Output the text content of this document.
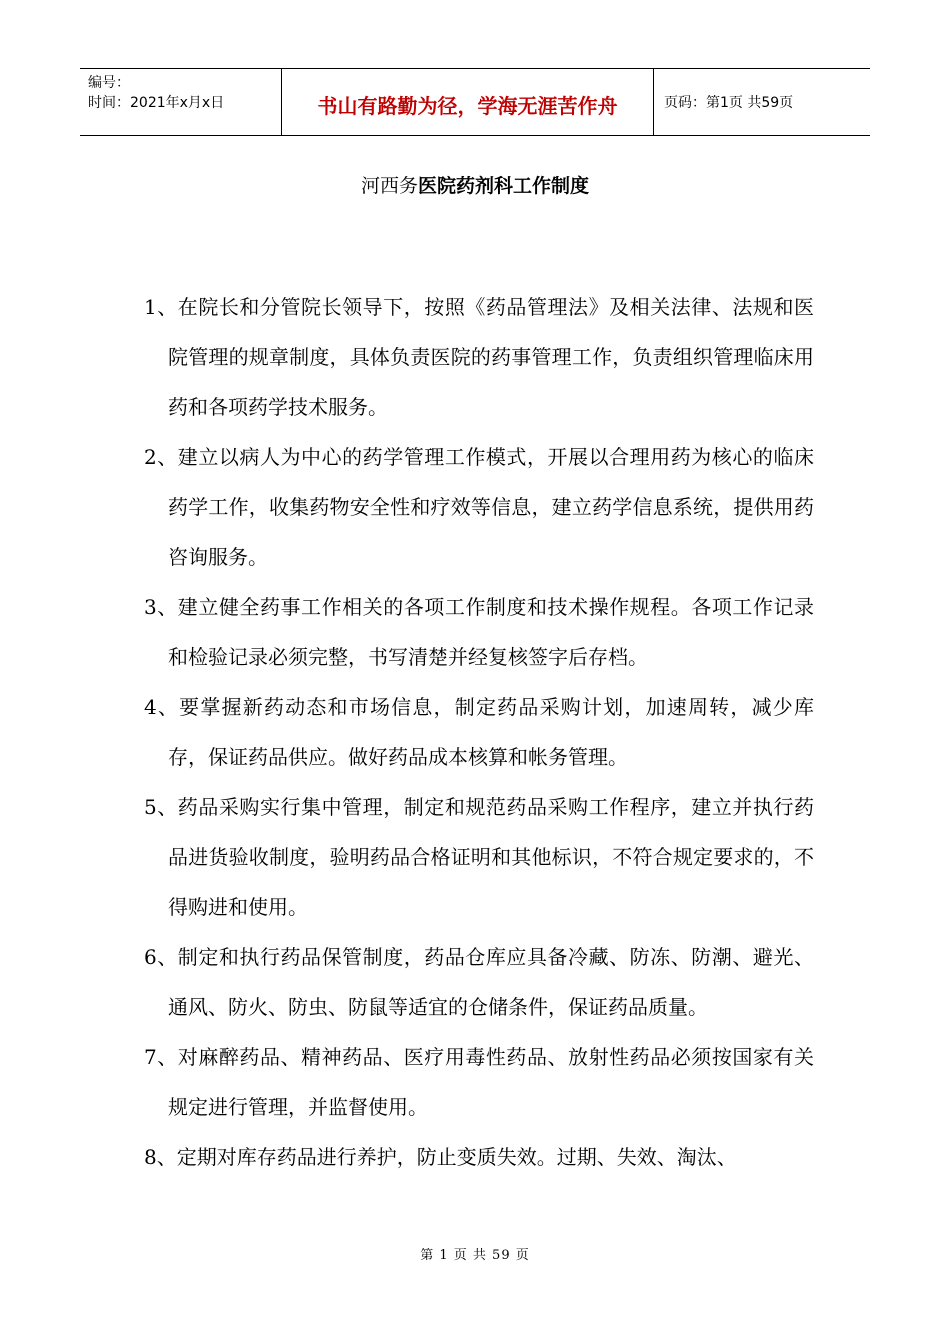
编号：
时间：2021年x月x日	书山有路勤为径，学海无涯苦作舟	页码：第1页 共59页
河西务医院药剂科工作制度
1、在院长和分管院长领导下，按照《药品管理法》及相关法律、法规和医院管理的规章制度，具体负责医院的药事管理工作，负责组织管理临床用药和各项药学技术服务。
2、建立以病人为中心的药学管理工作模式，开展以合理用药为核心的临床药学工作，收集药物安全性和疗效等信息，建立药学信息系统，提供用药咨询服务。
3、建立健全药事工作相关的各项工作制度和技术操作规程。各项工作记录和检验记录必须完整，书写清楚并经复核签字后存档。
4、要掌握新药动态和市场信息，制定药品采购计划，加速周转，减少库存，保证药品供应。做好药品成本核算和帐务管理。
5、药品采购实行集中管理，制定和规范药品采购工作程序，建立并执行药品进货验收制度，验明药品合格证明和其他标识，不符合规定要求的，不得购进和使用。
6、制定和执行药品保管制度，药品仓库应具备冷藏、防冻、防潮、避光、通风、防火、防虫、防鼠等适宜的仓储条件，保证药品质量。
7、对麻醉药品、精神药品、医疗用毒性药品、放射性药品必须按国家有关规定进行管理，并监督使用。
8、定期对库存药品进行养护，防止变质失效。过期、失效、淘汰、
第 1 页 共 59 页
